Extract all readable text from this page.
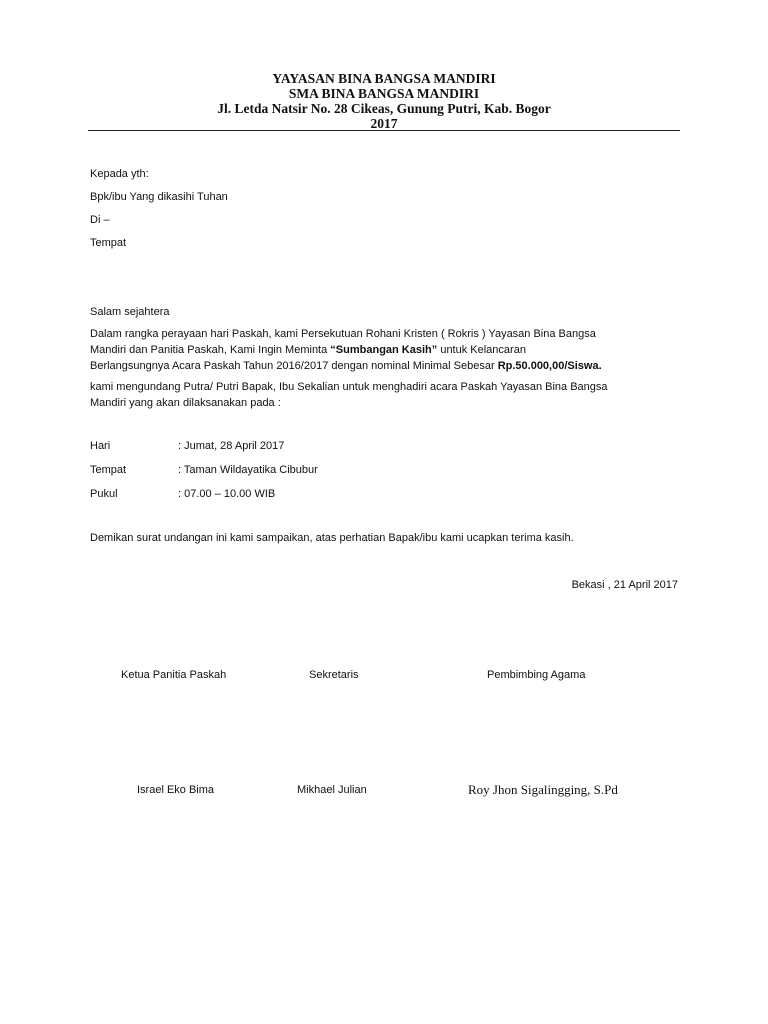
YAYASAN BINA BANGSA MANDIRI
SMA BINA BANGSA MANDIRI
Jl. Letda Natsir No. 28 Cikeas, Gunung Putri, Kab. Bogor
2017
Kepada yth:
Bpk/ibu Yang dikasihi Tuhan
Di –
Tempat
Salam sejahtera
Dalam rangka perayaan hari Paskah, kami Persekutuan Rohani Kristen ( Rokris ) Yayasan Bina Bangsa
Mandiri dan Panitia Paskah, Kami Ingin Meminta “Sumbangan Kasih” untuk Kelancaran
Berlangsungnya Acara Paskah Tahun 2016/2017 dengan nominal Minimal Sebesar Rp.50.000,00/Siswa.
kami mengundang Putra/ Putri Bapak, Ibu Sekalian untuk menghadiri acara Paskah Yayasan Bina Bangsa
Mandiri yang akan dilaksanakan pada :
Hari	: Jumat, 28 April 2017
Tempat	: Taman Wildayatika Cibubur
Pukul	: 07.00 – 10.00 WIB
Demikan surat undangan ini kami sampaikan, atas perhatian Bapak/ibu kami ucapkan terima kasih.
Bekasi , 21 April 2017
Ketua Panitia Paskah	Sekretaris	Pembimbing Agama
Israel Eko Bima	Mikhael Julian	Roy Jhon Sigalingging, S.Pd
